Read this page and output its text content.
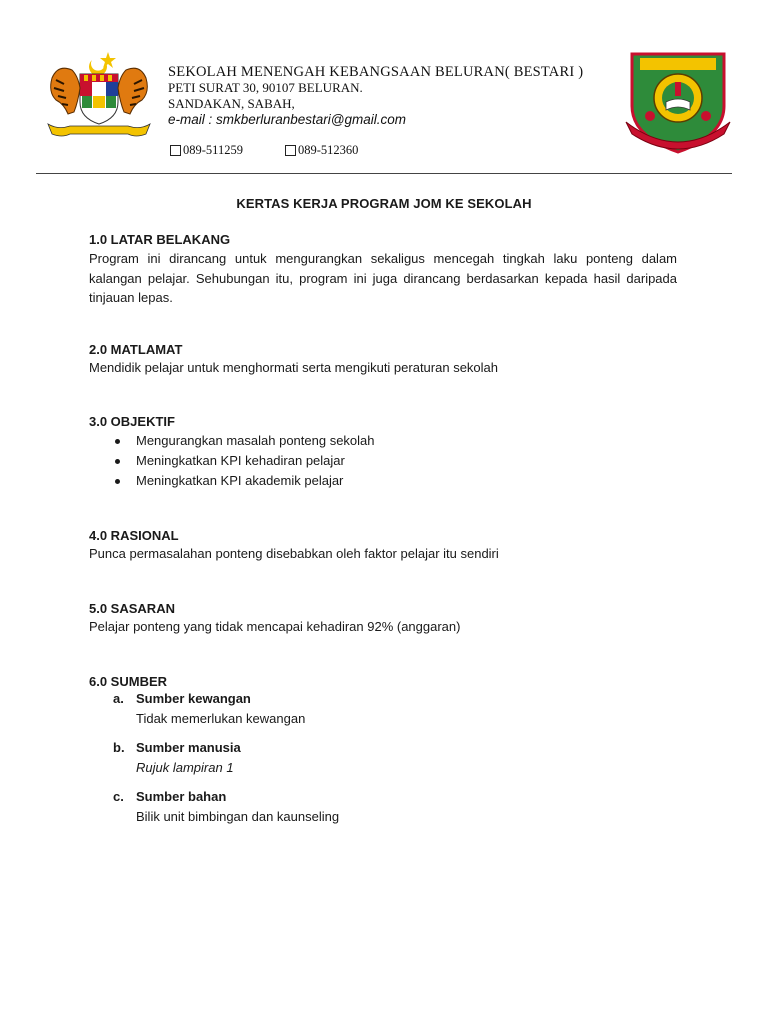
SEKOLAH MENENGAH KEBANGSAAN BELURAN( BESTARI )
PETI SURAT 30, 90107 BELURAN.
SANDAKAN, SABAH,
e-mail : smkberluranbestari@gmail.com
089-511259	089-512360
KERTAS KERJA PROGRAM JOM KE SEKOLAH
1.0 LATAR BELAKANG

Program ini dirancang untuk mengurangkan sekaligus mencegah tingkah laku ponteng dalam kalangan pelajar. Sehubungan itu, program ini juga dirancang berdasarkan kepada hasil daripada tinjauan lepas.

2.0 MATLAMAT
Mendidik pelajar untuk menghormati serta mengikuti peraturan sekolah
3.0 OBJEKTIF
Mengurangkan masalah ponteng sekolah
Meningkatkan KPI kehadiran pelajar
Meningkatkan KPI akademik pelajar
4.0 RASIONAL
Punca permasalahan ponteng disebabkan oleh faktor pelajar itu sendiri
5.0 SASARAN
Pelajar ponteng yang tidak mencapai kehadiran 92% (anggaran)
6.0 SUMBER
a. Sumber kewangan
Tidak memerlukan kewangan
b. Sumber manusia
Rujuk lampiran 1
c. Sumber bahan
Bilik unit bimbingan dan kaunseling
